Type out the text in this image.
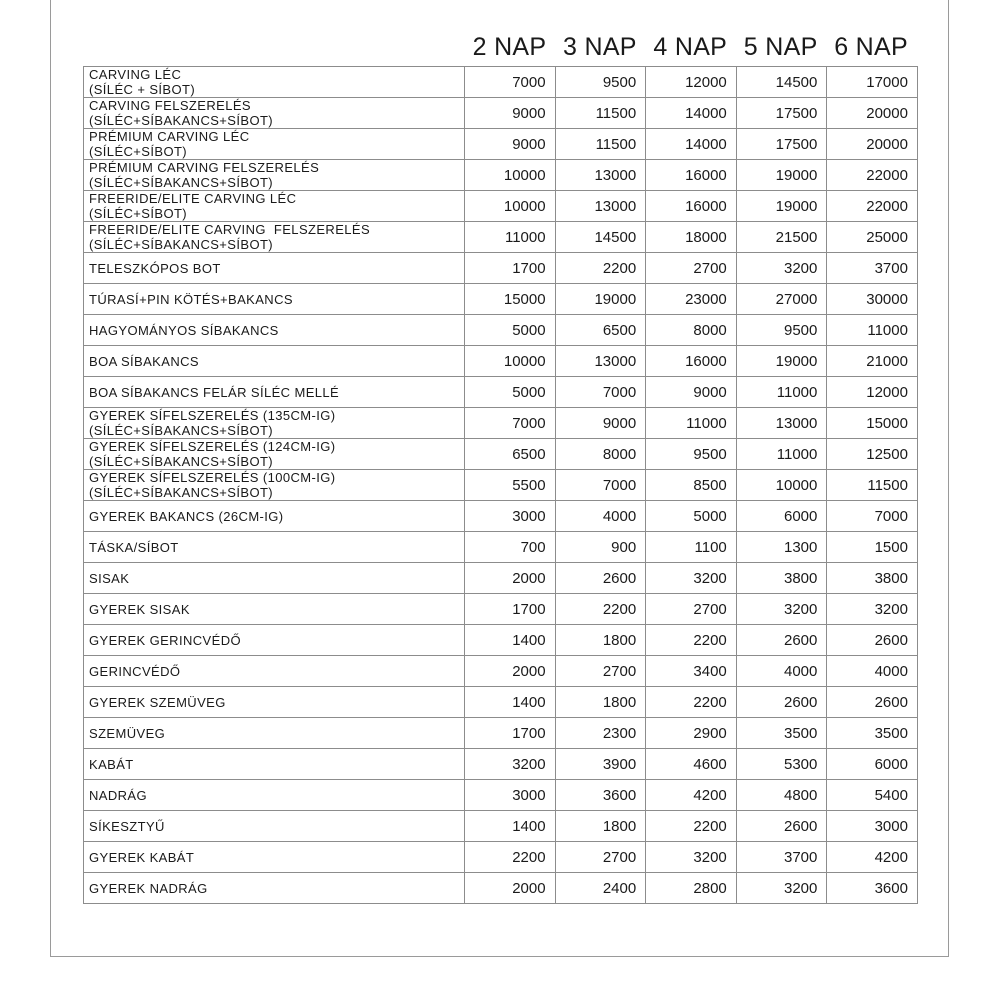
2 NAP 3 NAP 4 NAP 5 NAP 6 NAP
CARVING LÉC
(SÍLÉC + SÍBOT)	7000	9500	12000	14500	17000

CARVING FELSZERELÉS
(SÍLÉC+SÍBAKANCS+SÍBOT)	9000	11500	14000	17500	20000

PRÉMIUM CARVING LÉC
(SÍLÉC+SÍBOT)	9000	11500	14000	17500	20000

PRÉMIUM CARVING FELSZERELÉS
(SÍLÉC+SÍBAKANCS+SÍBOT)	10000	13000	16000	19000	22000

FREERIDE/ELITE CARVING LÉC
(SÍLÉC+SÍBOT)	10000	13000	16000	19000	22000

FREERIDE/ELITE CARVING  FELSZERELÉS
(SÍLÉC+SÍBAKANCS+SÍBOT)	11000	14500	18000	21500	25000

TELESZKÓPOS BOT	1700	2200	2700	3200	3700

TÚRASÍ+PIN KÖTÉS+BAKANCS	15000	19000	23000	27000	30000

HAGYOMÁNYOS SÍBAKANCS	5000	6500	8000	9500	11000

BOA SÍBAKANCS	10000	13000	16000	19000	21000

BOA SÍBAKANCS FELÁR SÍLÉC MELLÉ	5000	7000	9000	11000	12000

GYEREK SÍFELSZERELÉS (135CM-IG)
(SÍLÉC+SÍBAKANCS+SÍBOT)	7000	9000	11000	13000	15000

GYEREK SÍFELSZERELÉS (124CM-IG)
(SÍLÉC+SÍBAKANCS+SÍBOT)	6500	8000	9500	11000	12500

GYEREK SÍFELSZERELÉS (100CM-IG)
(SÍLÉC+SÍBAKANCS+SÍBOT)	5500	7000	8500	10000	11500

GYEREK BAKANCS (26CM-IG)	3000	4000	5000	6000	7000

TÁSKA/SÍBOT	700	900	1100	1300	1500

SISAK	2000	2600	3200	3800	3800

GYEREK SISAK	1700	2200	2700	3200	3200

GYEREK GERINCVÉDŐ	1400	1800	2200	2600	2600

GERINCVÉDŐ	2000	2700	3400	4000	4000

GYEREK SZEMÜVEG	1400	1800	2200	2600	2600

SZEMÜVEG	1700	2300	2900	3500	3500

KABÁT	3200	3900	4600	5300	6000

NADRÁG	3000	3600	4200	4800	5400

SÍKESZTYŰ	1400	1800	2200	2600	3000

GYEREK KABÁT	2200	2700	3200	3700	4200

GYEREK NADRÁG	2000	2400	2800	3200	3600
